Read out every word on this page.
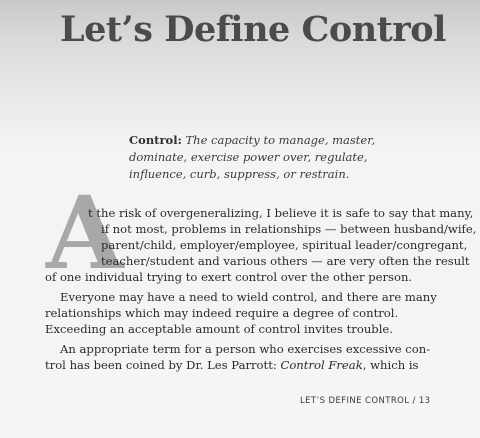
Let’s Define Control
Control: The capacity to manage, master, dominate, exercise power over, regulate, influence, curb, suppress, or restrain.
A
t the risk of overgeneralizing, I believe it is safe to say that many,
if not most, problems in relationships — between husband/wife,
parent/child, employer/employee, spiritual leader/congregant,
teacher/student and various others — are very often the result
of one individual trying to exert control over the other person.
Everyone may have a need to wield control, and there are many
relationships which may indeed require a degree of control.
Exceeding an acceptable amount of control invites trouble.
An appropriate term for a person who exercises excessive con-
trol has been coined by Dr. Les Parrott: Control Freak, which is
LET’S DEFINE CONTROL / 13
